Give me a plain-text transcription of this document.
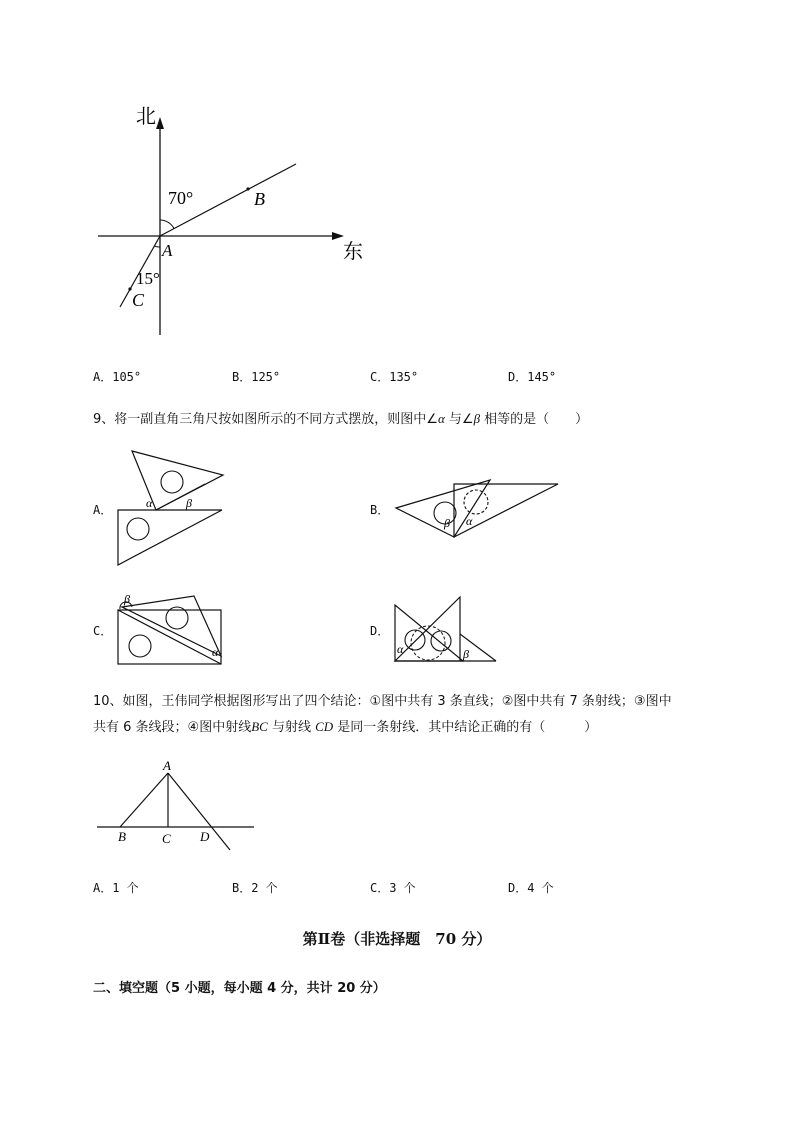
北
东
70°
15°
A
B
C
A．105°	B．125°	C．135°	D．145°
9、将一副直角三角尺按如图所示的不同方式摆放，则图中∠α 与∠β 相等的是（　　）
A．	B．
C．	D．
α	β
β α
β
α	α	β
10、如图，王伟同学根据图形写出了四个结论：①图中共有 3 条直线；②图中共有 7 条射线；③图中
共有 6 条线段；④图中射线BC 与射线 CD 是同一条射线．其中结论正确的有（　　　）
A
B	C D
A．1 个	B．2 个	C．3 个	D．4 个
第Ⅱ卷（非选择题　70 分）
二、填空题（5 小题，每小题 4 分，共计 20 分）
